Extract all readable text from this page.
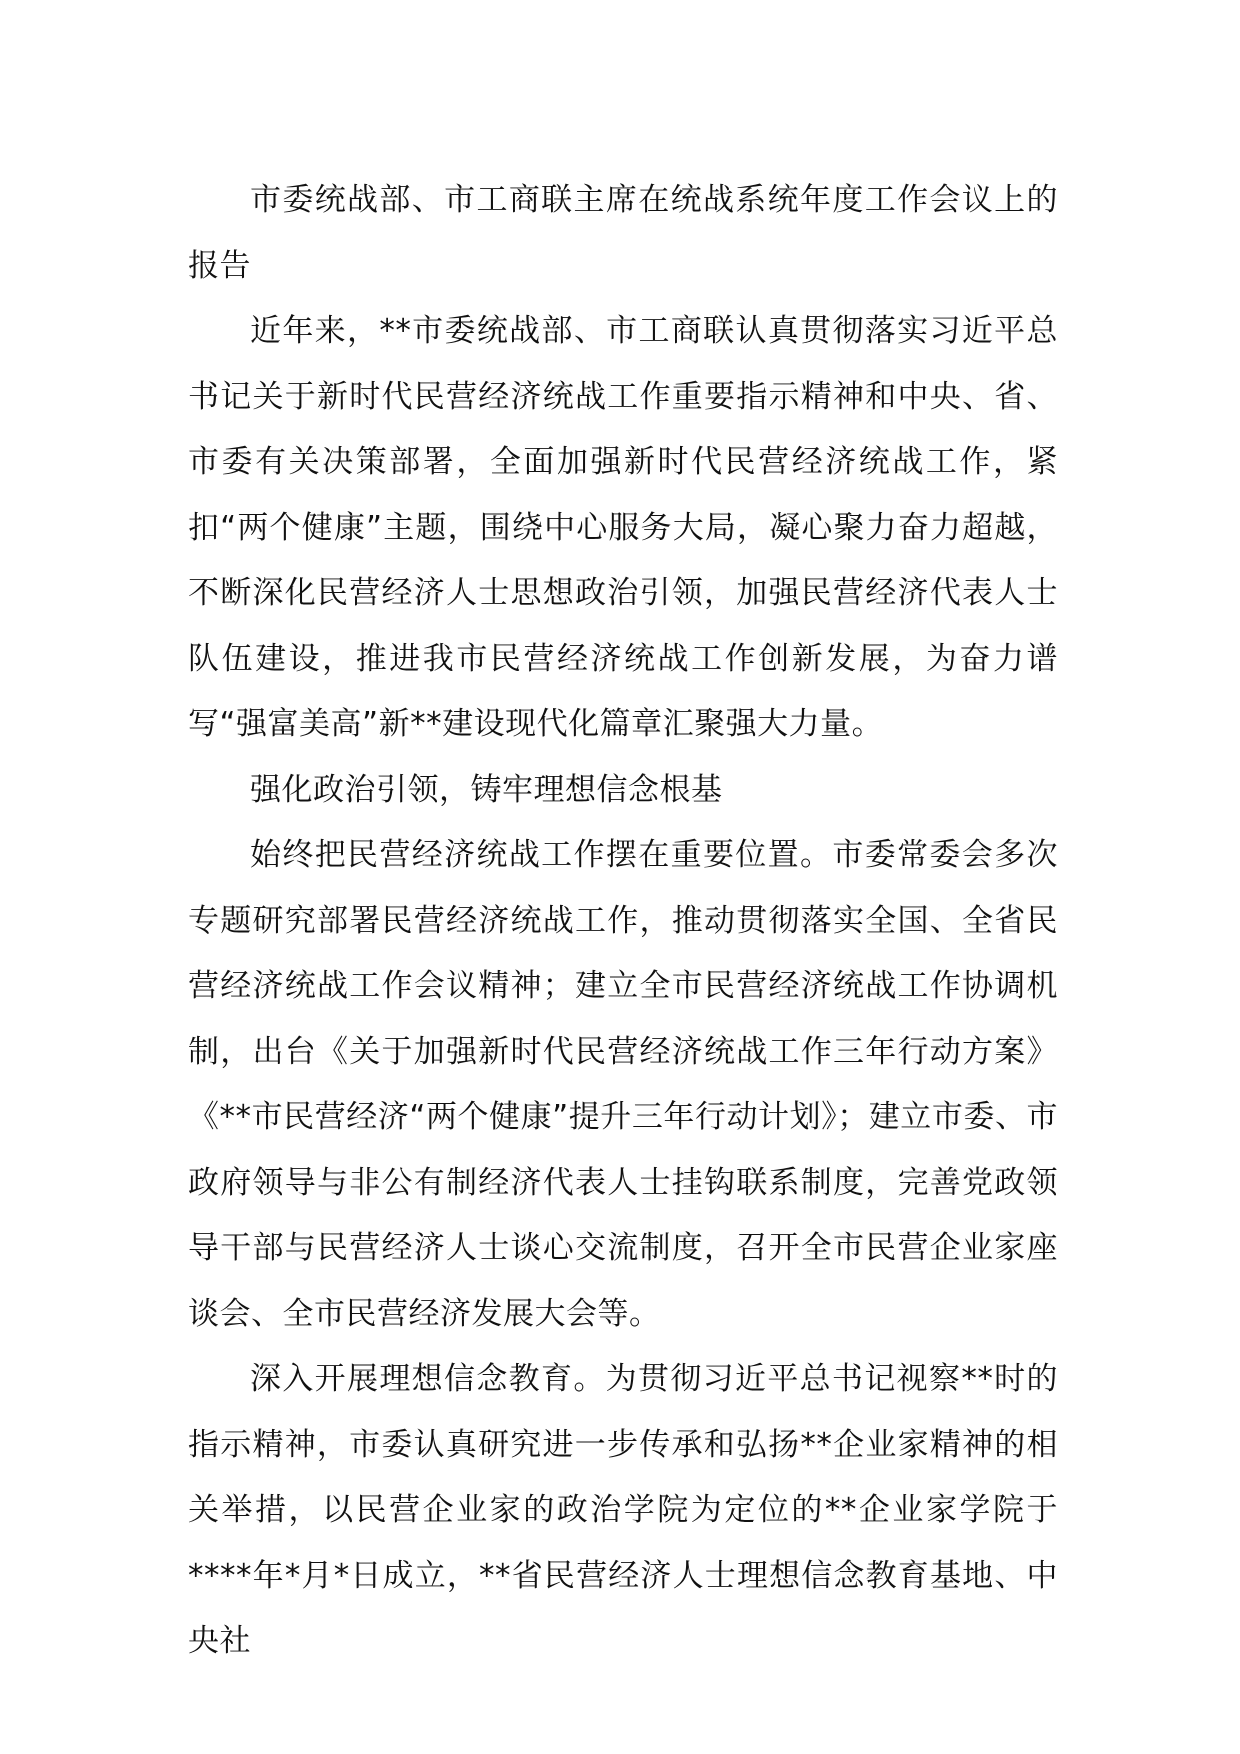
市委统战部、市工商联主席在统战系统年度工作会议上的报告

近年来，**市委统战部、市工商联认真贯彻落实习近平总书记关于新时代民营经济统战工作重要指示精神和中央、省、市委有关决策部署，全面加强新时代民营经济统战工作，紧扣“两个健康”主题，围绕中心服务大局，凝心聚力奋力超越，不断深化民营经济人士思想政治引领，加强民营经济代表人士队伍建设，推进我市民营经济统战工作创新发展，为奋力谱写“强富美高”新**建设现代化篇章汇聚强大力量。

强化政治引领，铸牢理想信念根基

始终把民营经济统战工作摆在重要位置。市委常委会多次专题研究部署民营经济统战工作，推动贯彻落实全国、全省民营经济统战工作会议精神；建立全市民营经济统战工作协调机制，出台《关于加强新时代民营经济统战工作三年行动方案》《**市民营经济“两个健康”提升三年行动计划》；建立市委、市政府领导与非公有制经济代表人士挂钩联系制度，完善党政领导干部与民营经济人士谈心交流制度，召开全市民营企业家座谈会、全市民营经济发展大会等。

深入开展理想信念教育。为贯彻习近平总书记视察**时的指示精神，市委认真研究进一步传承和弘扬**企业家精神的相关举措，以民营企业家的政治学院为定位的**企业家学院于****年*月*日成立，**省民营经济人士理想信念教育基地、中央社
